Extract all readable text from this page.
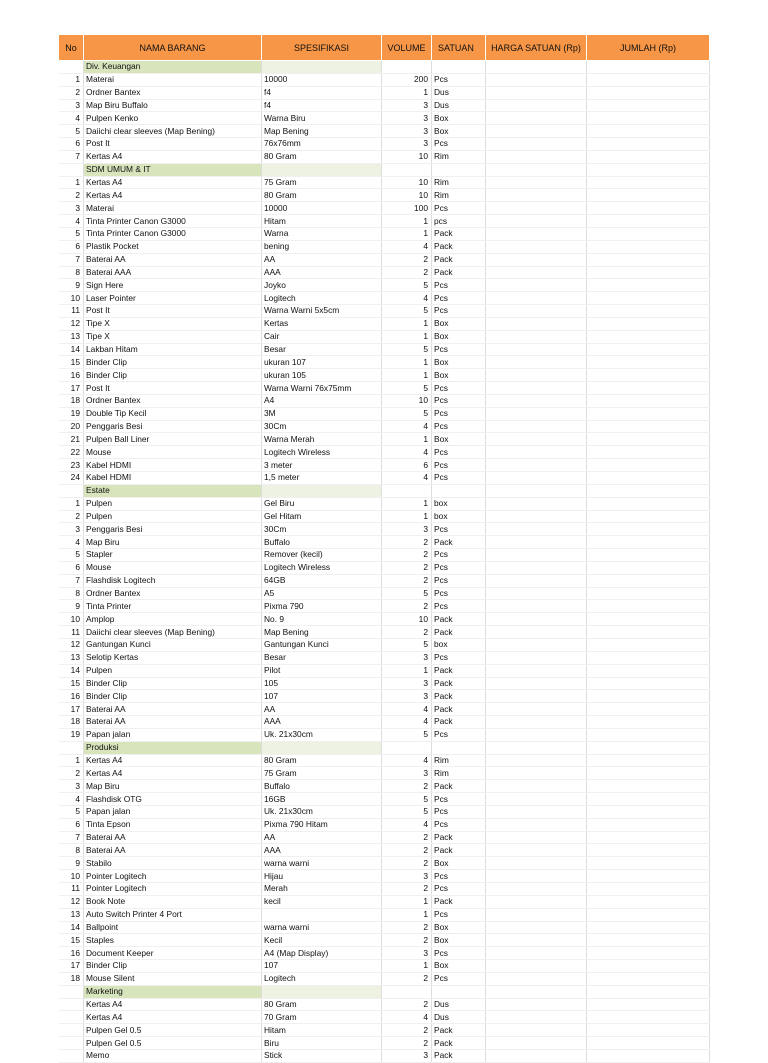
No	NAMA BARANG	SPESIFIKASI	VOLUME	SATUAN	HARGA SATUAN (Rp)	JUMLAH (Rp)
	Div. Keuangan					
1	Materai	10000	200	Pcs		
2	Ordner Bantex	f4	1	Dus		
3	Map Biru Buffalo	f4	3	Dus		
4	Pulpen Kenko	Warna Biru	3	Box		
5	Daiichi clear sleeves (Map Bening)	Map Bening	3	Box		
6	Post It	76x76mm	3	Pcs		
7	Kertas A4	80 Gram	10	Rim		
	SDM UMUM & IT					
1	Kertas A4	75 Gram	10	Rim		
2	Kertas A4	80 Gram	10	Rim		
3	Materai	10000	100	Pcs		
4	Tinta Printer Canon G3000	Hitam	1	pcs		
5	Tinta Printer Canon G3000	Warna	1	Pack		
6	Plastik Pocket	bening	4	Pack		
7	Baterai AA	AA	2	Pack		
8	Baterai AAA	AAA	2	Pack		
9	Sign Here	Joyko	5	Pcs		
10	Laser Pointer	Logitech	4	Pcs		
11	Post It	Warna Warni 5x5cm	5	Pcs		
12	Tipe X	Kertas	1	Box		
13	Tipe X	Cair	1	Box		
14	Lakban Hitam	Besar	5	Pcs		
15	Binder Clip	ukuran 107	1	Box		
16	Binder Clip	ukuran 105	1	Box		
17	Post It	Warna Warni 76x75mm	5	Pcs		
18	Ordner Bantex	A4	10	Pcs		
19	Double Tip Kecil	3M	5	Pcs		
20	Penggaris Besi	30Cm	4	Pcs		
21	Pulpen Ball Liner	Warna Merah	1	Box		
22	Mouse	Logitech Wireless	4	Pcs		
23	Kabel HDMI	3 meter	6	Pcs		
24	Kabel HDMI	1,5 meter	4	Pcs		
	Estate					
1	Pulpen	Gel Biru	1	box		
2	Pulpen	Gel Hitam	1	box		
3	Penggaris Besi	30Cm	3	Pcs		
4	Map Biru	Buffalo	2	Pack		
5	Stapler	Remover (kecil)	2	Pcs		
6	Mouse	Logitech Wireless	2	Pcs		
7	Flashdisk Logitech	64GB	2	Pcs		
8	Ordner Bantex	A5	5	Pcs		
9	Tinta Printer	Pixma 790	2	Pcs		
10	Amplop	No. 9	10	Pack		
11	Daiichi clear sleeves (Map Bening)	Map Bening	2	Pack		
12	Gantungan Kunci	Gantungan Kunci	5	box		
13	Selotip Kertas	Besar	3	Pcs		
14	Pulpen	Pilot	1	Pack		
15	Binder Clip	105	3	Pack		
16	Binder Clip	107	3	Pack		
17	Baterai AA	AA	4	Pack		
18	Baterai AA	AAA	4	Pack		
19	Papan jalan	Uk. 21x30cm	5	Pcs		
	Produksi					
1	Kertas A4	80 Gram	4	Rim		
2	Kertas A4	75 Gram	3	Rim		
3	Map Biru	Buffalo	2	Pack		
4	Flashdisk OTG	16GB	5	Pcs		
5	Papan jalan	Uk. 21x30cm	5	Pcs		
6	Tinta Epson	Pixma 790 Hitam	4	Pcs		
7	Baterai AA	AA	2	Pack		
8	Baterai AA	AAA	2	Pack		
9	Stabilo	warna warni	2	Box		
10	Pointer Logitech	Hijau	3	Pcs		
11	Pointer Logitech	Merah	2	Pcs		
12	Book Note	kecil	1	Pack		
13	Auto Switch Printer 4 Port		1	Pcs		
14	Ballpoint	warna warni	2	Box		
15	Staples	Kecil	2	Box		
16	Document Keeper	A4 (Map Display)	3	Pcs		
17	Binder Clip	107	1	Box		
18	Mouse Silent	Logitech	2	Pcs		
	Marketing					
	Kertas A4	80 Gram	2	Dus		
	Kertas A4	70 Gram	4	Dus		
	Pulpen Gel 0.5	Hitam	2	Pack		
	Pulpen Gel 0.5	Biru	2	Pack		
	Memo	Stick	3	Pack		
